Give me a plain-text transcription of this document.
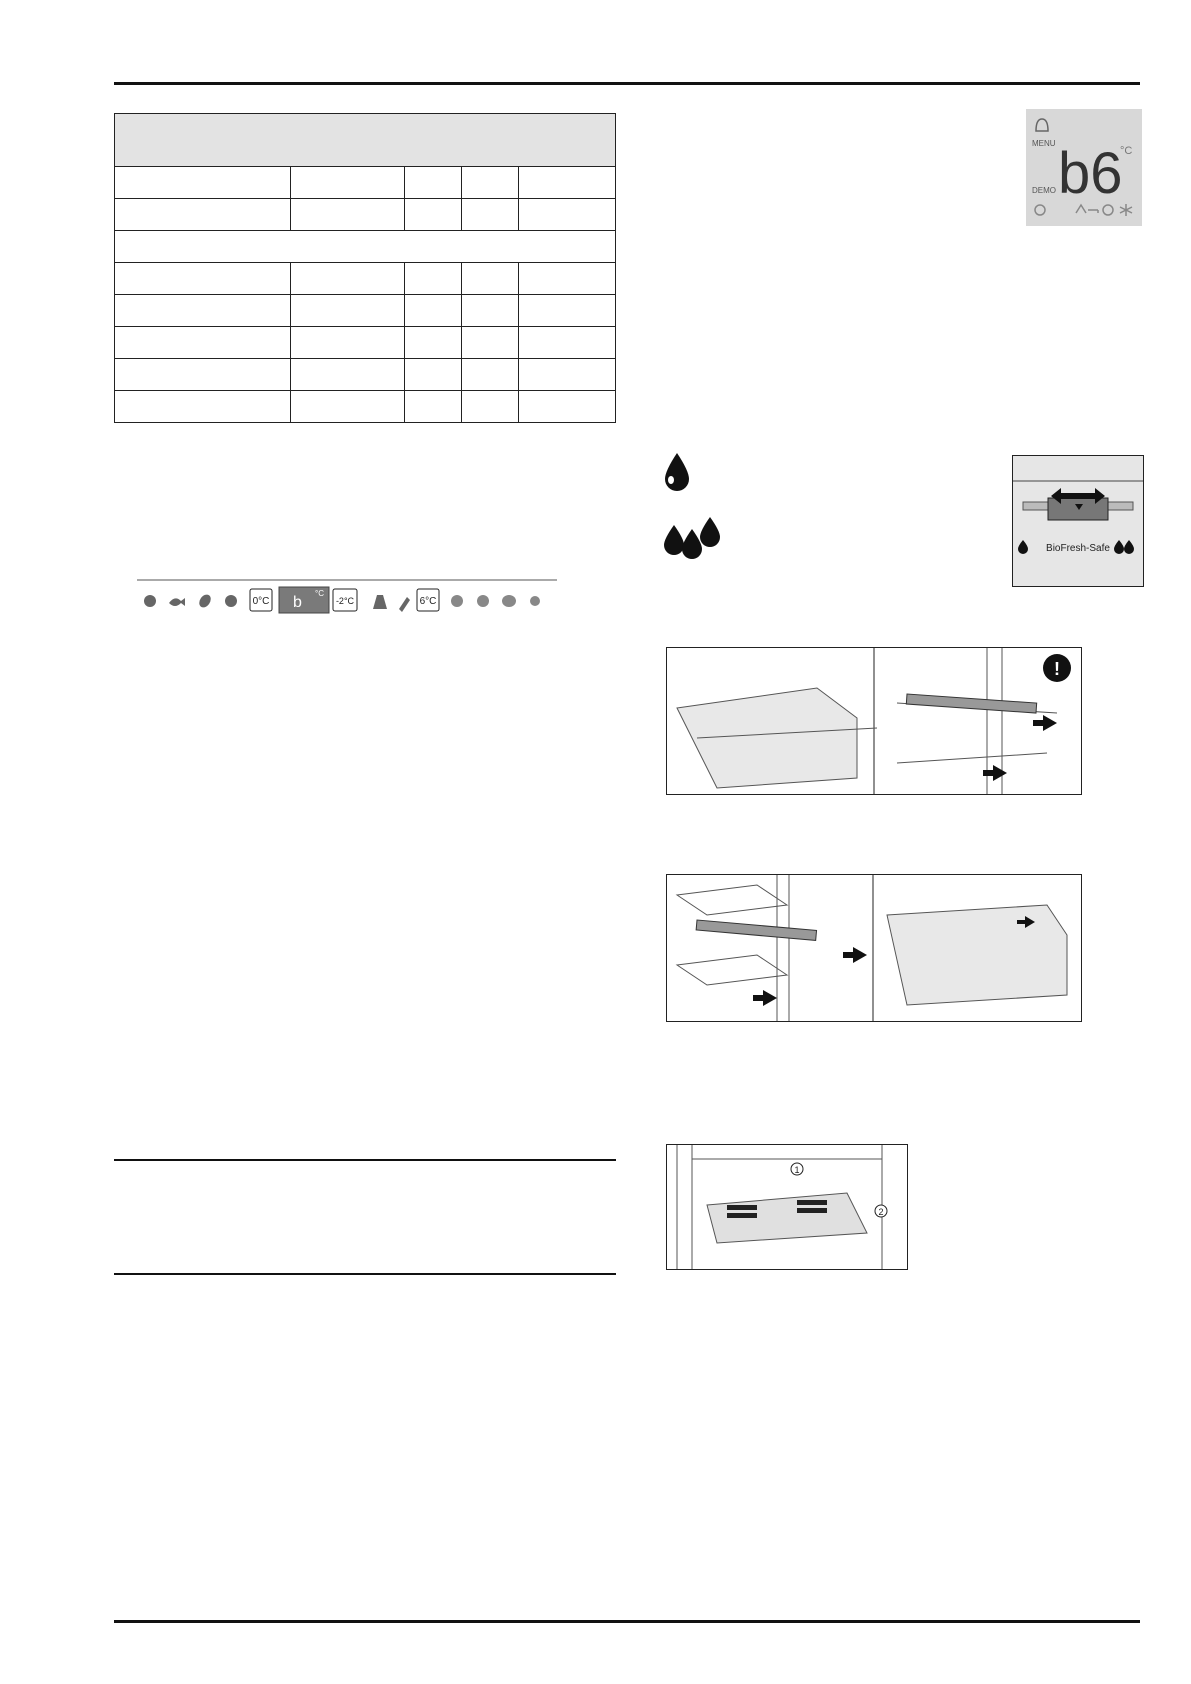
0°C b
°C
-2°C	6°C
MENU
DEMO b6
°C
BioFresh-Safe
!
1
2
